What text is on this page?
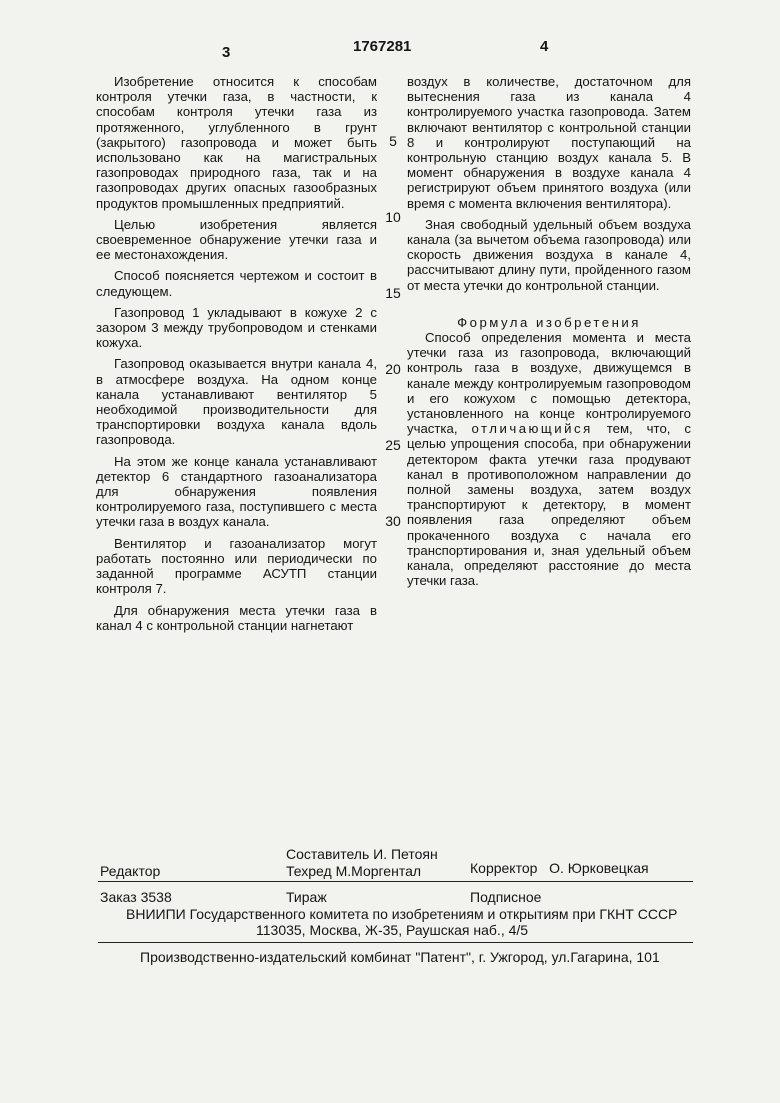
3	1767281	4

Изобретение относится к способам контроля утечки газа, в частности, к способам контроля утечки газа из протяженного, углубленного в грунт (закрытого) газопровода и может быть использовано как на магистральных газопроводах природного газа, так и на газопроводах других опасных газообразных продуктов промышленных предприятий.

Целью изобретения является своевременное обнаружение утечки газа и ее местонахождения.

Способ поясняется чертежом и состоит в следующем.

Газопровод 1 укладывают в кожухе 2 с зазором 3 между трубопроводом и стенками кожуха.

Газопровод оказывается внутри канала 4, в атмосфере воздуха. На одном конце канала устанавливают вентилятор 5 необходимой производительности для транспортировки воздуха канала вдоль газопровода.

На этом же конце канала устанавливают детектор 6 стандартного газоанализатора для обнаружения появления контролируемого газа, поступившего с места утечки газа в воздух канала.

Вентилятор и газоанализатор могут работать постоянно или периодически по заданной программе АСУТП станции контроля 7.

Для обнаружения места утечки газа в канал 4 с контрольной станции нагнетают

5
10
15
20
25
30

воздух в количестве, достаточном для вытеснения газа из канала 4 контролируемого участка газопровода. Затем включают вентилятор с контрольной станции 8 и контролируют поступающий на контрольную станцию воздух канала 5. В момент обнаружения в воздухе канала 4 регистрируют объем принятого воздуха (или время с момента включения вентилятора).

Зная свободный удельный объем воздуха канала (за вычетом объема газопровода) или скорость движения воздуха в канале 4, рассчитывают длину пути, пройденного газом от места утечки до контрольной станции.

Формула изобретения

Способ определения момента и места утечки газа из газопровода, включающий контроль газа в воздухе, движущемся в канале между контролируемым газопроводом и его кожухом с помощью детектора, установленного на конце контролируемого участка, отличающийся тем, что, с целью упрощения способа, при обнаружении детектором факта утечки газа продувают канал в противоположном направлении до полной замены воздуха, затем воздух транспортируют к детектору, в момент появления газа определяют объем прокаченного воздуха с начала его транспортирования и, зная удельный объем канала, определяют расстояние до места утечки газа.

Составитель И. Петоян
Редактор	Техред М.Моргентал	Корректор   О. Юрковецкая
Заказ 3538	Тираж	Подписное
ВНИИПИ Государственного комитета по изобретениям и открытиям при ГКНТ СССР
113035, Москва, Ж-35, Раушская наб., 4/5
Производственно-издательский комбинат "Патент", г. Ужгород, ул.Гагарина, 101
